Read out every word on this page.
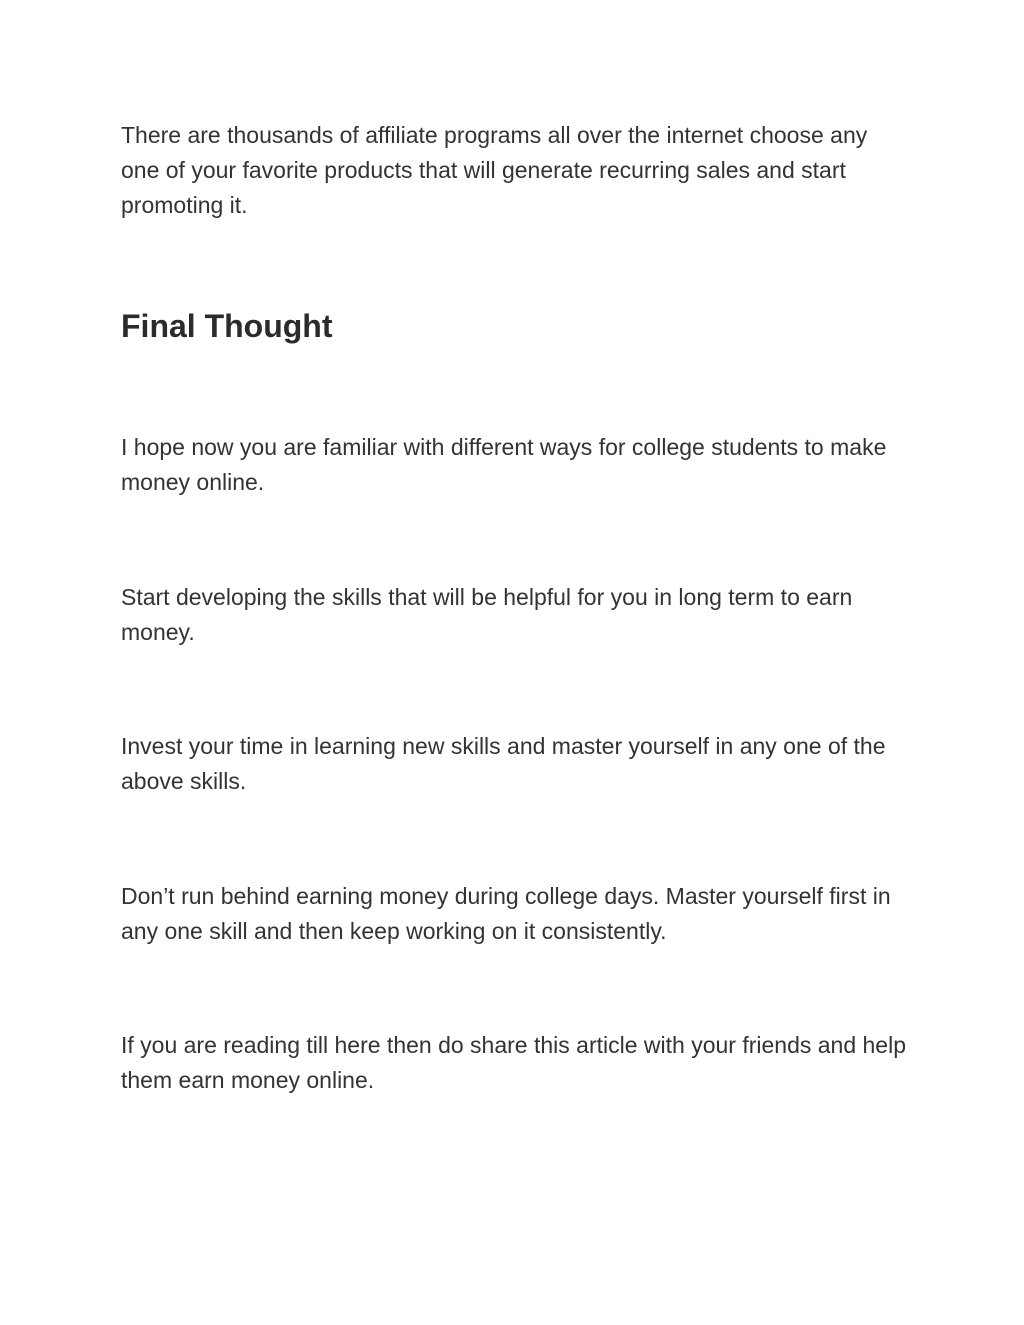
There are thousands of affiliate programs all over the internet choose any one of your favorite products that will generate recurring sales and start promoting it.

Final Thought

I hope now you are familiar with different ways for college students to make money online.

Start developing the skills that will be helpful for you in long term to earn money.

Invest your time in learning new skills and master yourself in any one of the above skills.

Don’t run behind earning money during college days. Master yourself first in any one skill and then keep working on it consistently.

If you are reading till here then do share this article with your friends and help them earn money online.
